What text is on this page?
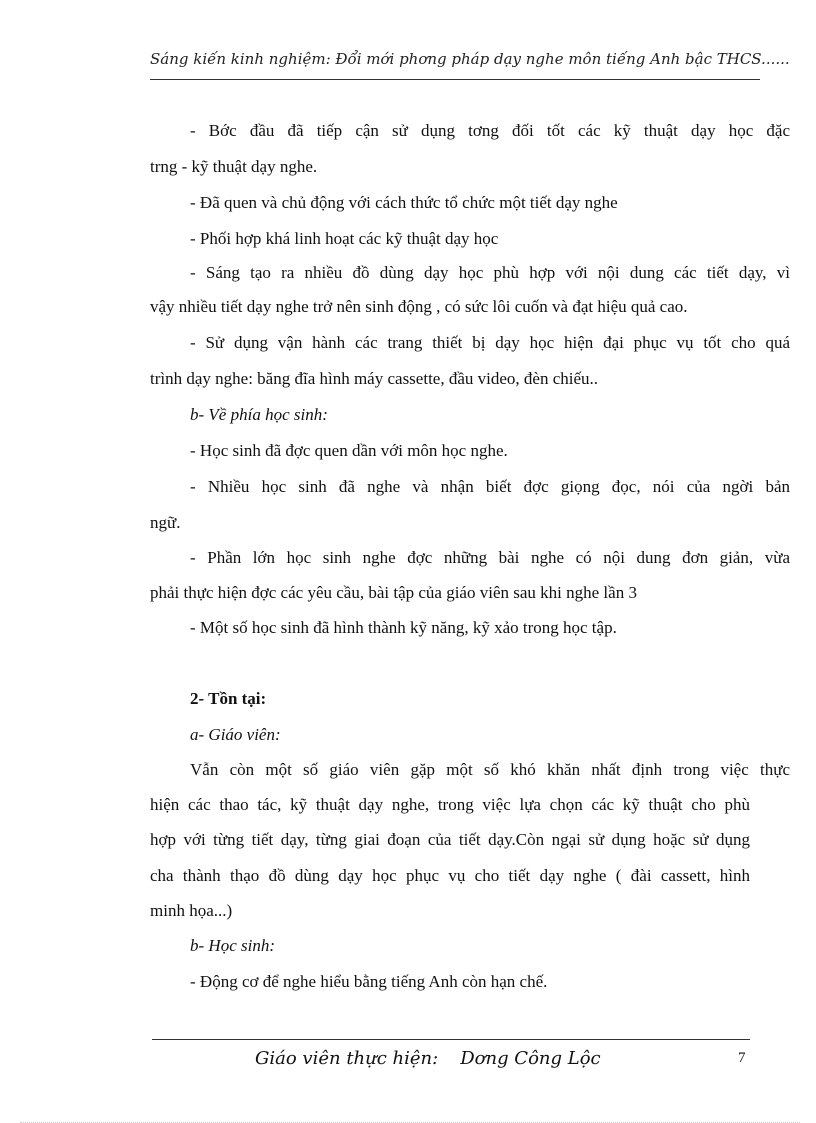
Sáng kiến kinh nghiệm: Đổi mới phơng pháp dạy nghe môn tiếng Anh bậc THCS......
- Bớc đầu đã tiếp cận sử dụng tơng đối tốt các kỹ thuật dạy học đặc
trng - kỹ thuật dạy nghe.
- Đã quen và chủ động với cách thức tổ chức một tiết dạy nghe
- Phối hợp khá linh hoạt các kỹ thuật dạy học
- Sáng tạo ra nhiều đồ dùng dạy học phù hợp với nội dung các tiết dạy, vì
vậy nhiều tiết dạy nghe trở nên sinh động , có sức lôi cuốn và đạt hiệu quả cao.
- Sử dụng vận hành các trang thiết bị dạy học hiện đại phục vụ tốt cho quá
trình dạy nghe: băng đĩa hình máy cassette, đầu video, đèn chiếu..
b- Về phía học sinh:
- Học sinh đã đợc quen dần với môn học nghe.
- Nhiều học sinh đã nghe và nhận biết đợc giọng đọc, nói của ngời bản
ngữ.
- Phần lớn học sinh nghe đợc những bài nghe có nội dung đơn giản, vừa
phải thực hiện đợc các yêu cầu, bài tập của giáo viên sau khi nghe lần 3
- Một số học sinh đã hình thành kỹ năng, kỹ xảo trong học tập.
2- Tồn tại:
a- Giáo viên:
Vẫn còn một số giáo viên gặp một số khó khăn nhất định trong việc thực
hiện các thao tác, kỹ thuật dạy nghe, trong việc lựa chọn các kỹ thuật cho phù
hợp với từng tiết dạy, từng giai đoạn của tiết dạy.Còn ngại sử dụng hoặc sử dụng
cha thành thạo đồ dùng dạy học phục vụ cho tiết dạy nghe ( đài cassett, hình
minh họa...)
b- Học sinh:
- Động cơ để nghe hiểu bằng tiếng Anh còn hạn chế.
Giáo viên thực hiện: Dơng Công Lộc	7
